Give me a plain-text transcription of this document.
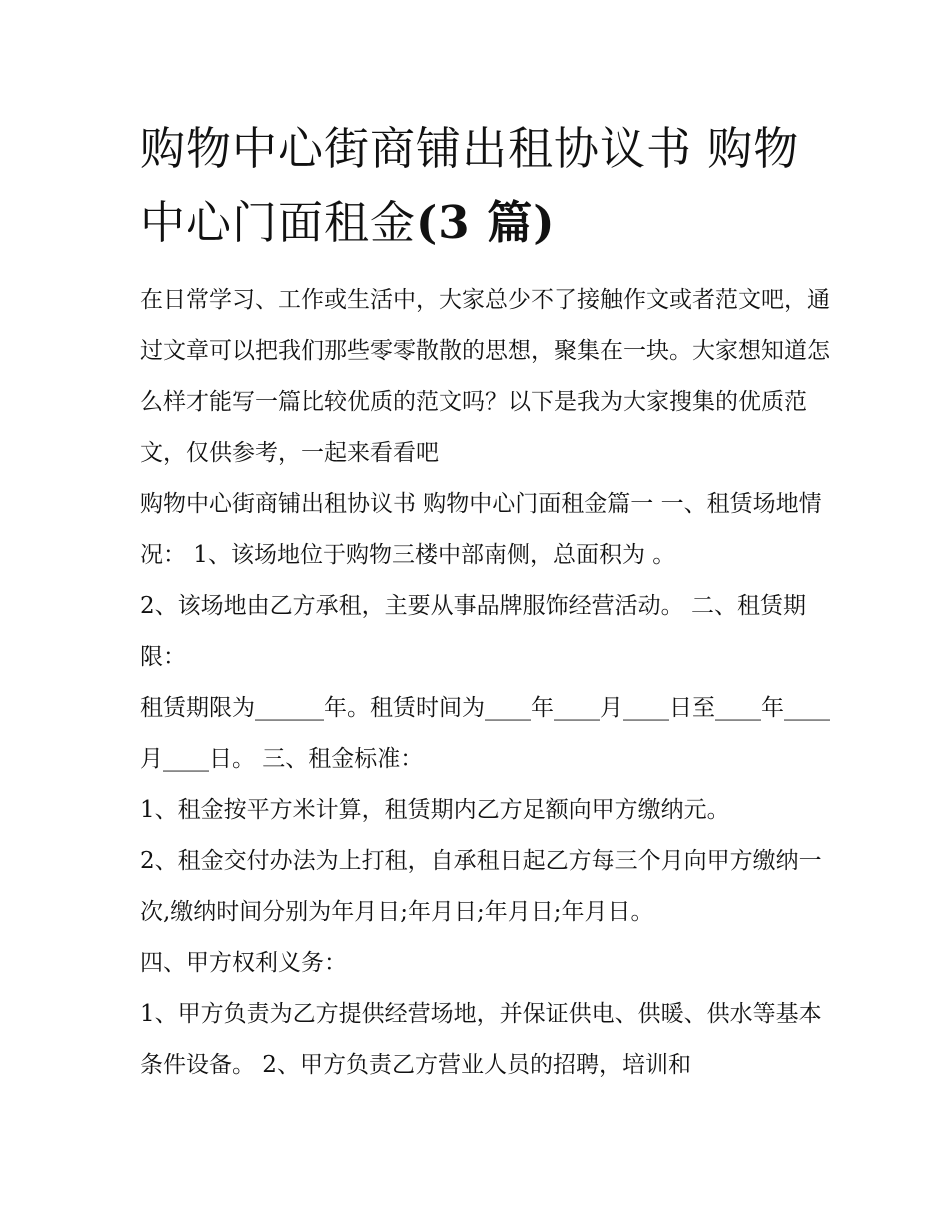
购物中心街商铺出租协议书 购物中心门面租金(3 篇)

在日常学习、工作或生活中，大家总少不了接触作文或者范文吧，通过文章可以把我们那些零零散散的思想，聚集在一块。大家想知道怎么样才能写一篇比较优质的范文吗？以下是我为大家搜集的优质范文，仅供参考，一起来看看吧

购物中心街商铺出租协议书 购物中心门面租金篇一 一、租赁场地情况： 1、该场地位于购物三楼中部南侧，总面积为 。

2、该场地由乙方承租，主要从事品牌服饰经营活动。 二、租赁期限：

租赁期限为______年。租赁时间为____年____月____日至____年____月____日。 三、租金标准：

1、租金按平方米计算，租赁期内乙方足额向甲方缴纳元。

2、租金交付办法为上打租，自承租日起乙方每三个月向甲方缴纳一次,缴纳时间分别为年月日;年月日;年月日;年月日。

四、甲方权利义务：

1、甲方负责为乙方提供经营场地，并保证供电、供暖、供水等基本条件设备。 2、甲方负责乙方营业人员的招聘，培训和
